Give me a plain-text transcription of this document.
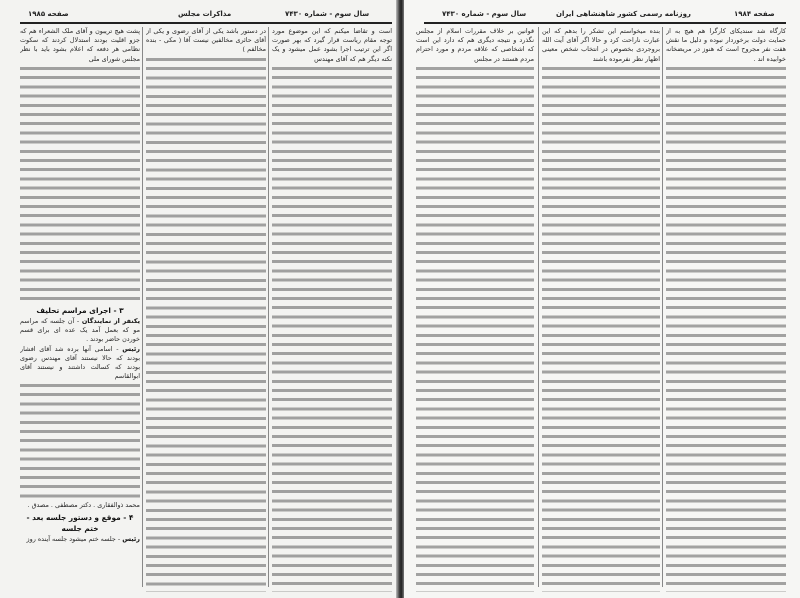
صفحه ۱۹۸۵	مذاکرات مجلس	سال سوم - شماره ۷۴۳۰

است و تقاضا میکنم که این موضوع مورد توجه مقام ریاست قرار گیرد که بهر صورت اگر این ترتیب اجرا بشود عمل میشود و یک نکته دیگر هم که آقای مهندس

در دستور باشد یکی از آقای رضوی و یکی از آقای حائری مخالفین نیست آقا ( مکی - بنده مخالفم )

پشت هیچ تریبون و آقای ملک الشعراء هم که جزو اقلیت بودند استدلال کردند که سکوت نظامی هر دفعه که اعلام بشود باید با نظر مجلس شورای ملی

۳ - اجرای مراسم تحلیف

یکنفر از نمایندگان - آن جلسه که مراسم مو که بعمل آمد یک عده ای برای قسم خوردن حاضر بودند .

رئیس - اسامی آنها برده شد آقای افشار بودند که حالا نیستند آقای مهندس رضوی بودند که کسالت داشتند و نیستند آقای ابوالقاسم

محمد ذوالفقاری . دکتر مصطفی . مصدق .

۴ - موقع و دستور جلسه بعد -

ختم جلسه

رئیس - جلسه ختم میشود جلسه آینده روز

سال سوم - شماره ۷۴۳۰	روزنامه رسمی کشور شاهنشاهی ایران	صفحه ۱۹۸۴

کارگاه شد سندیکای کارگرا هم هیچ به از حمایت دولت برخوردار نبوده و دلیل ما نقش هفت نفر مجروح است که هنوز در مریضخانه خوابیده اند .

بنده میخواستم این تشکر را بدهم که این عبارت ناراحت کرد و حالا اگر آقای آیت الله بروجردی بخصوص در انتخاب شخص معینی اظهار نظر نفرموده باشند

قوانین بر خلاف مقررات اسلام از مجلس نگذرد و نتیجه دیگری هم که دارد این است که اشخاصی که علاقه مردم و مورد احترام مردم هستند در مجلس
